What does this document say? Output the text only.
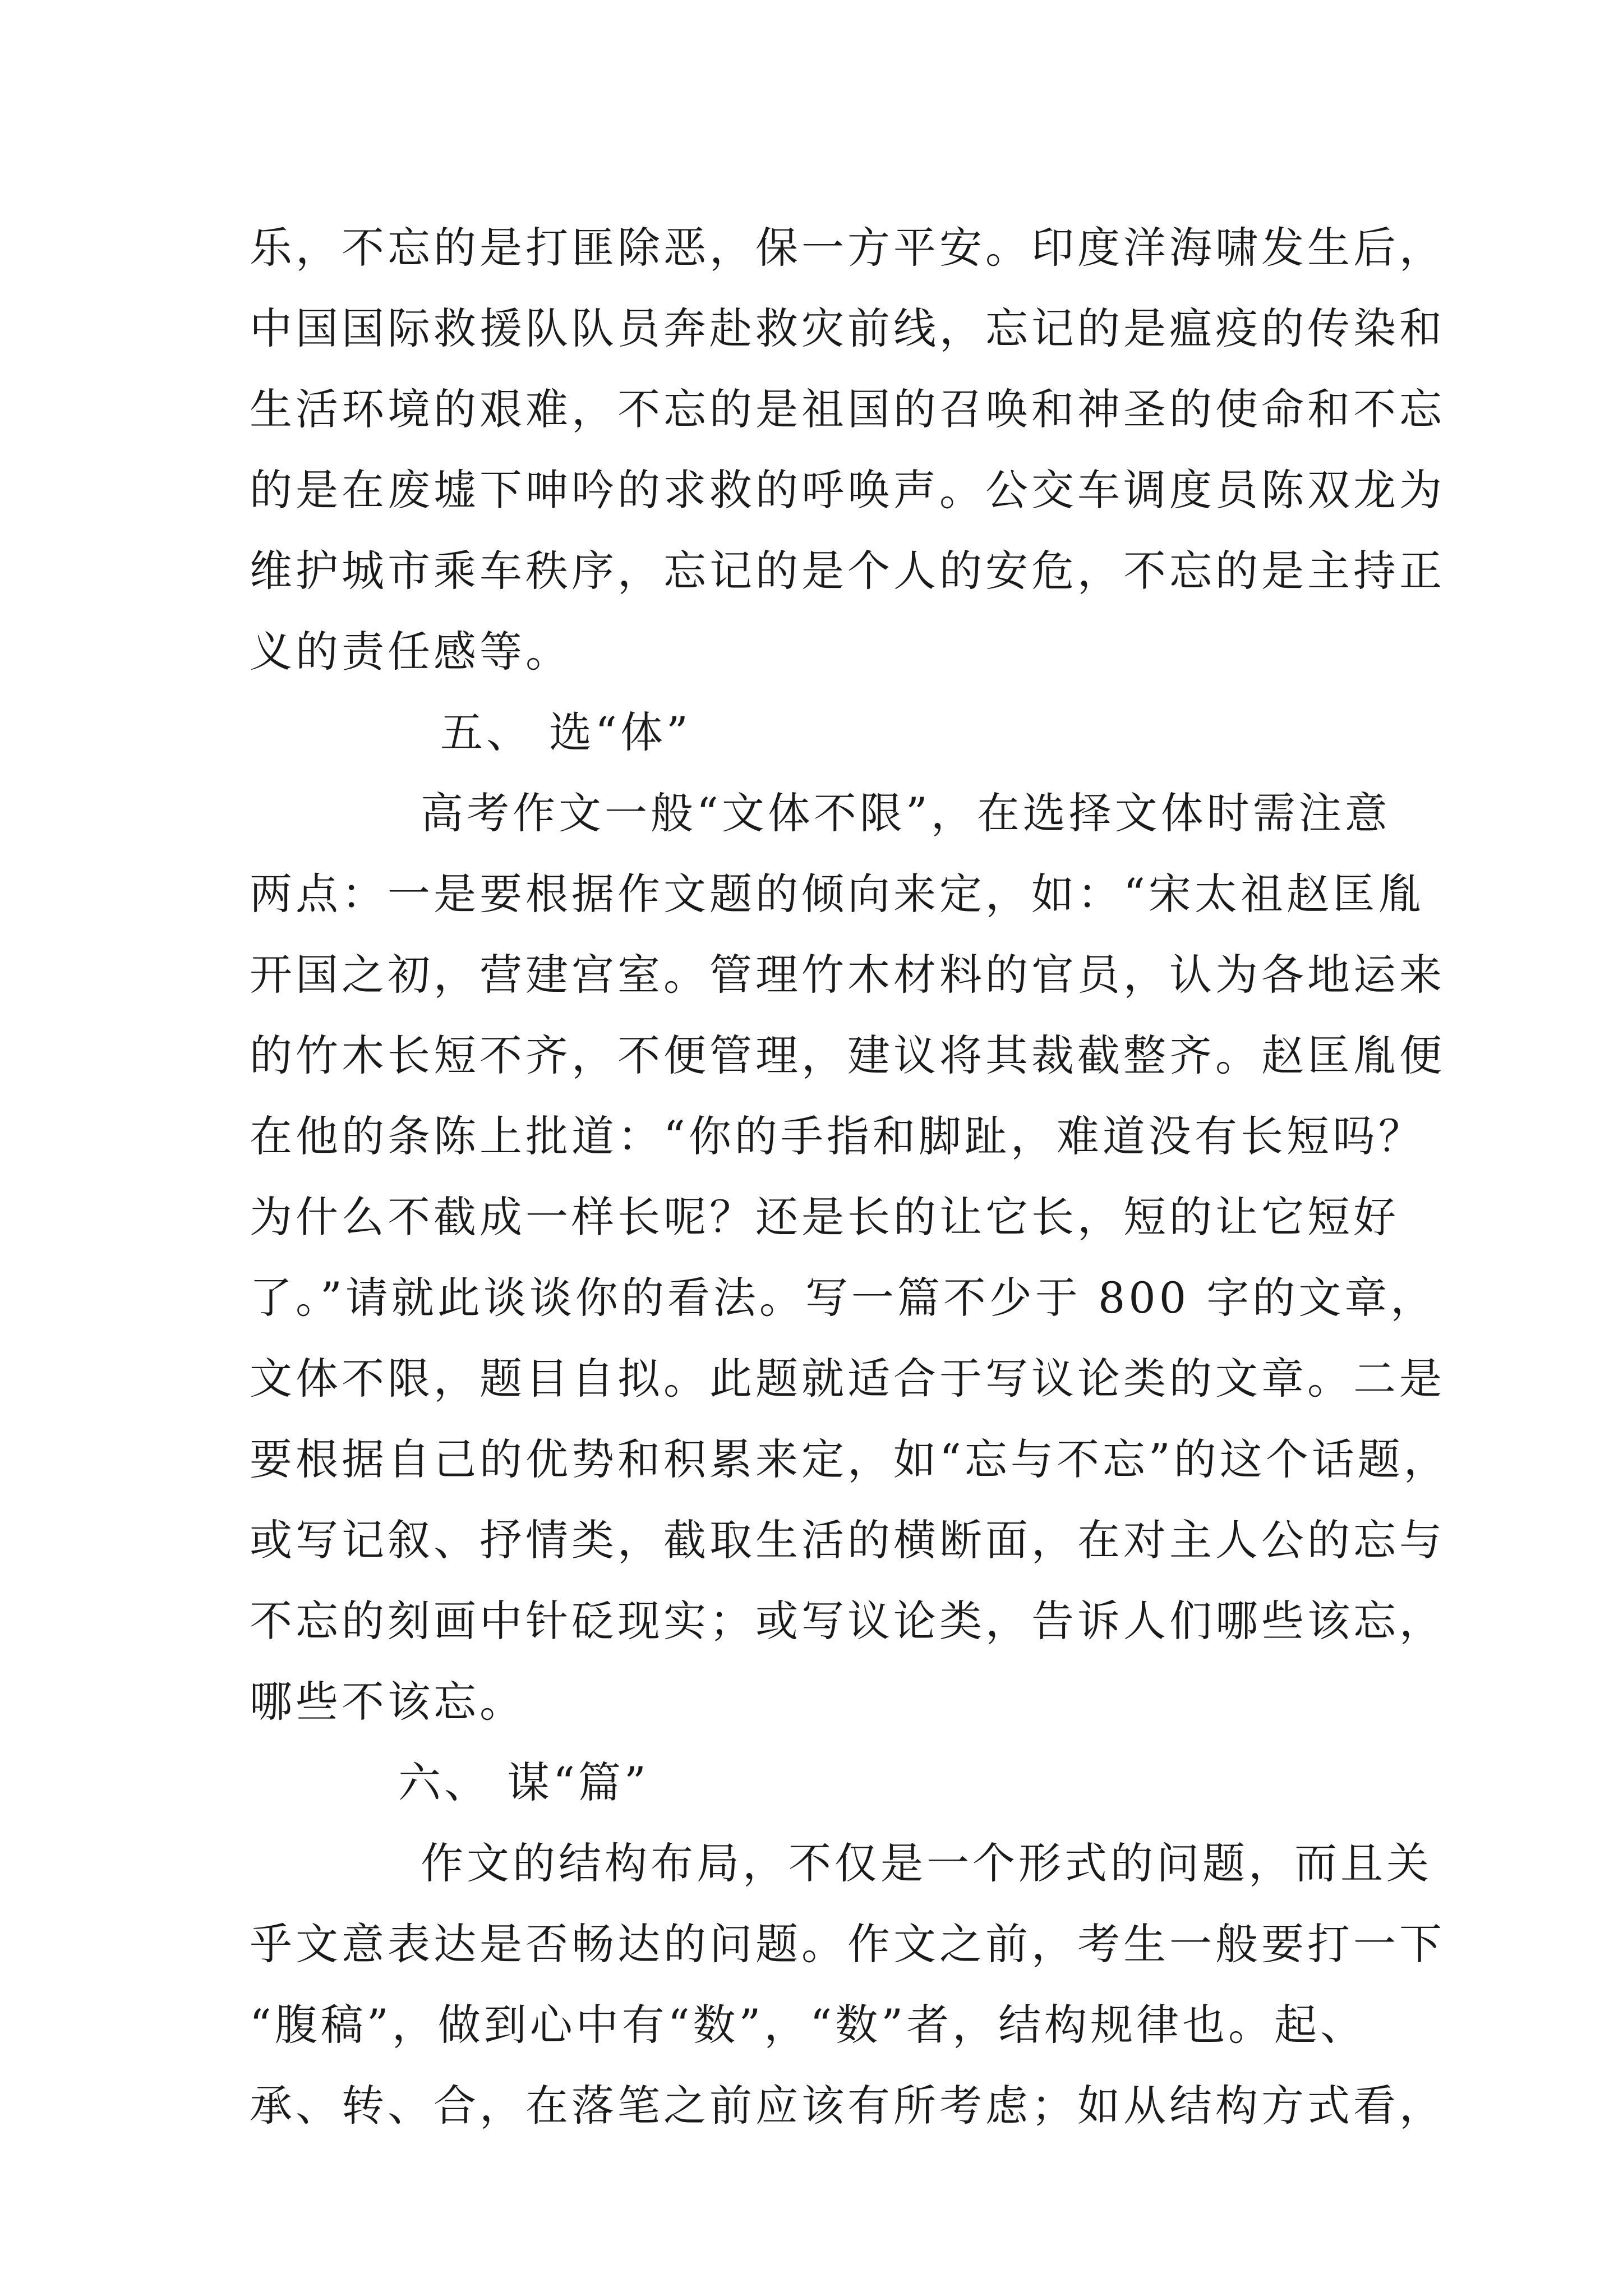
乐，不忘的是打匪除恶，保一方平安。印度洋海啸发生后，
中国国际救援队队员奔赴救灾前线，忘记的是瘟疫的传染和
生活环境的艰难，不忘的是祖国的召唤和神圣的使命和不忘
的是在废墟下呻吟的求救的呼唤声。公交车调度员陈双龙为
维护城市乘车秩序，忘记的是个人的安危，不忘的是主持正
义的责任感等。
五、 选“体”
高考作文一般“文体不限”，在选择文体时需注意
两点：一是要根据作文题的倾向来定，如：“宋太祖赵匡胤
开国之初，营建宫室。管理竹木材料的官员，认为各地运来
的竹木长短不齐，不便管理，建议将其裁截整齐。赵匡胤便
在他的条陈上批道：“你的手指和脚趾，难道没有长短吗？
为什么不截成一样长呢？还是长的让它长，短的让它短好
了。”请就此谈谈你的看法。写一篇不少于 800 字的文章，
文体不限，题目自拟。此题就适合于写议论类的文章。二是
要根据自己的优势和积累来定，如“忘与不忘”的这个话题，
或写记叙、抒情类，截取生活的横断面，在对主人公的忘与
不忘的刻画中针砭现实；或写议论类，告诉人们哪些该忘，
哪些不该忘。
六、 谋“篇”
作文的结构布局，不仅是一个形式的问题，而且关
乎文意表达是否畅达的问题。作文之前，考生一般要打一下
“腹稿”，做到心中有“数”，“数”者，结构规律也。起、
承、转、合，在落笔之前应该有所考虑；如从结构方式看，
